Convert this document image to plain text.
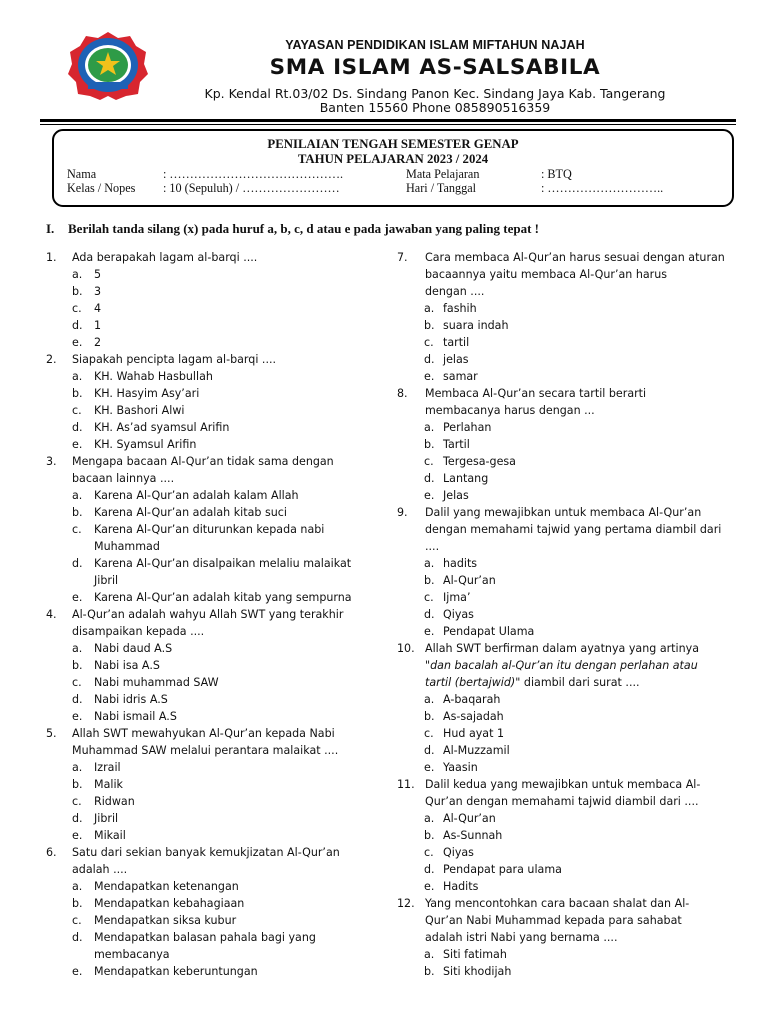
YAYASAN PENDIDIKAN ISLAM MIFTAHUN NAJAH
SMA ISLAM AS-SALSABILA
Kp. Kendal Rt.03/02 Ds. Sindang Panon Kec. Sindang Jaya Kab. Tangerang
Banten 15560 Phone 085890516359
PENILAIAN TENGAH SEMESTER GENAP
TAHUN PELAJARAN 2023 / 2024
Nama	: …………………………………….
Kelas / Nopes : 10 (Sepuluh) / ……………………
Mata Pelajaran	: BTQ
Hari / Tanggal	: ………………………..
I. Berilah tanda silang (x) pada huruf a, b, c, d atau e pada jawaban yang paling tepat !
1.	Ada berapakah lagam al-barqi ....
a. 5
b. 3
c. 4
d. 1
e. 2
2.	Siapakah pencipta lagam al-barqi ....
a. KH. Wahab Hasbullah
b. KH. Hasyim Asy’ari
c. KH. Bashori Alwi
d. KH. As’ad syamsul Arifin
e. KH. Syamsul Arifin
3.	Mengapa bacaan Al-Qur’an tidak sama dengan
bacaan lainnya ....
a. Karena Al-Qur’an adalah kalam Allah
b. Karena Al-Qur’an adalah kitab suci
c. Karena Al-Qur’an diturunkan kepada nabi
Muhammad
d. Karena Al-Qur’an disalpaikan melaliu malaikat
Jibril
e. Karena Al-Qur’an adalah kitab yang sempurna
4.	Al-Qur’an adalah wahyu Allah SWT yang terakhir
disampaikan kepada ....
a. Nabi daud A.S
b. Nabi isa A.S
c. Nabi muhammad SAW
d. Nabi idris A.S
e. Nabi ismail A.S
5.	Allah SWT mewahyukan Al-Qur’an kepada Nabi
Muhammad SAW melalui perantara malaikat ....
a. Izrail
b. Malik
c. Ridwan
d. Jibril
e. Mikail
6.	Satu dari sekian banyak kemukjizatan Al-Qur’an
adalah ....
a. Mendapatkan ketenangan
b. Mendapatkan kebahagiaan
c. Mendapatkan siksa kubur
d. Mendapatkan balasan pahala bagi yang
membacanya
e. Mendapatkan keberuntungan
7.	Cara membaca Al-Qur’an harus sesuai dengan aturan
bacaannya yaitu membaca Al-Qur’an harus
dengan ....
a. fashih
b. suara indah
c. tartil
d. jelas
e. samar
8.	Membaca Al-Qur’an secara tartil berarti
membacanya harus dengan ...
a. Perlahan
b. Tartil
c. Tergesa-gesa
d. Lantang
e. Jelas
9.	Dalil yang mewajibkan untuk membaca Al-Qur’an
dengan memahami tajwid yang pertama diambil dari
....
a. hadits
b. Al-Qur’an
c. Ijma’
d. Qiyas
e. Pendapat Ulama
10. Allah SWT berfirman dalam ayatnya yang artinya
"dan bacalah al-Qur’an itu dengan perlahan atau
tartil (bertajwid)" diambil dari surat ....
a. A-baqarah
b. As-sajadah
c. Hud ayat 1
d. Al-Muzzamil
e. Yaasin
11. Dalil kedua yang mewajibkan untuk membaca Al-
Qur’an dengan memahami tajwid diambil dari ....
a. Al-Qur’an
b. As-Sunnah
c. Qiyas
d. Pendapat para ulama
e. Hadits
12. Yang mencontohkan cara bacaan shalat dan Al-
Qur’an Nabi Muhammad kepada para sahabat
adalah istri Nabi yang bernama ....
a. Siti fatimah
b. Siti khodijah
